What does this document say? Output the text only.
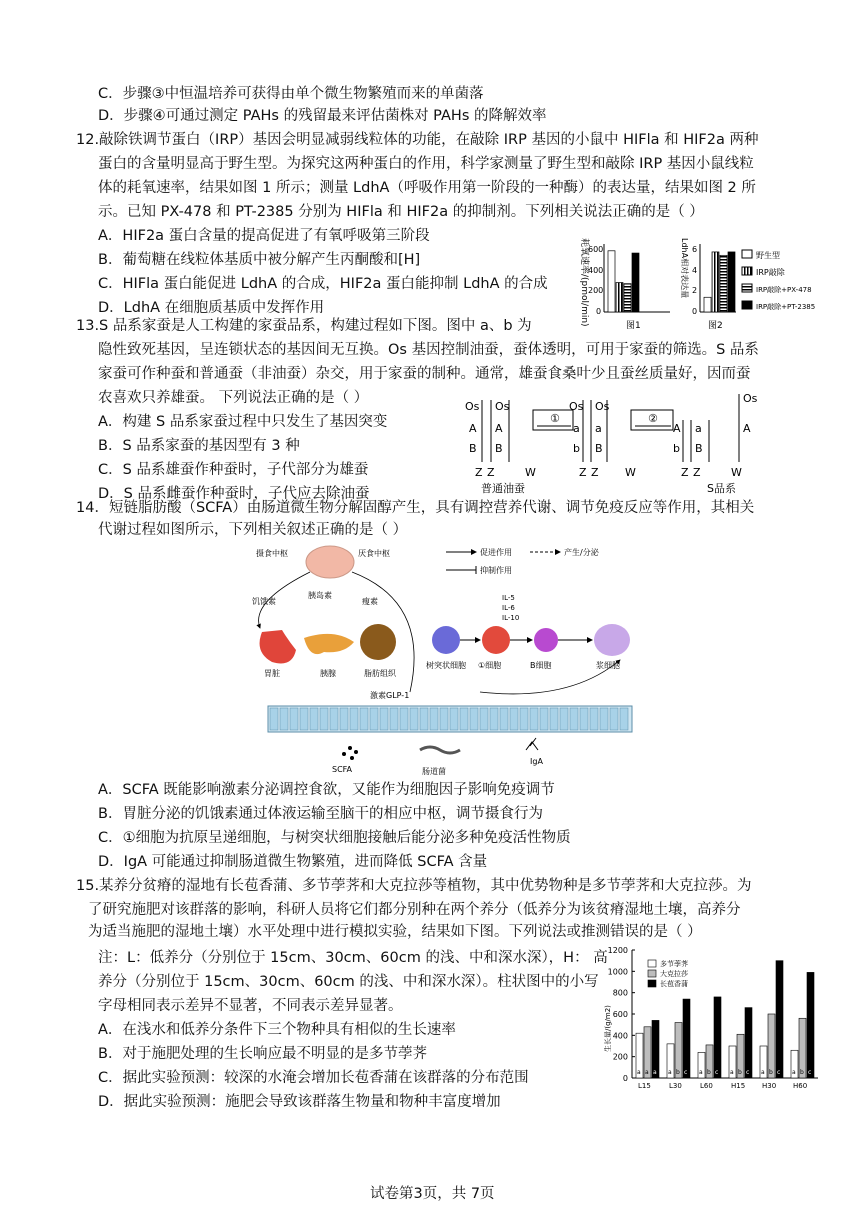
C．步骤③中恒温培养可获得由单个微生物繁殖而来的单菌落
D．步骤④可通过测定 PAHs 的残留最来评估菌株对 PAHs 的降解效率
12.敲除铁调节蛋白（IRP）基因会明显减弱线粒体的功能，在敲除 IRP 基因的小鼠中 HIFla 和 HIF2a 两种
蛋白的含量明显高于野生型。为探究这两种蛋白的作用，科学家测量了野生型和敲除 IRP 基因小鼠线粒
体的耗氧速率，结果如图 1 所示；测量 LdhA（呼吸作用第一阶段的一种酶）的表达量，结果如图 2 所
示。已知 PX-478 和 PT-2385 分别为 HIFla 和 HIF2a 的抑制剂。下列相关说法正确的是（ ）
A．HIF2a 蛋白含量的提高促进了有氧呼吸第三阶段
B．葡萄糖在线粒体基质中被分解产生丙酮酸和[H]
C．HIFla 蛋白能促进 LdhA 的合成，HIF2a 蛋白能抑制 LdhA 的合成
D．LdhA 在细胞质基质中发挥作用	耗氧速率/(pmol/min) 600
400
200
0
图1
LdhA相对表达量 6
4
2
0
图2
野生型
IRP敲除
IRP敲除+PX-478
IRP敲除+PT-2385
13.S 品系家蚕是人工构建的家蚕品系，构建过程如下图。图中 a、b 为
隐性致死基因，呈连锁状态的基因间无互换。Os 基因控制油蚕，蚕体透明，可用于家蚕的筛选。S 品系
家蚕可作种蚕和普通蚕（非油蚕）杂交，用于家蚕的制种。通常，雄蚕食桑叶少且蚕丝质量好，因而蚕
农喜欢只养雄蚕。 下列说法正确的是（ ）
A．构建 S 品系家蚕过程中只发生了基因突变
B．S 品系家蚕的基因型有 3 种
C．S 品系雄蚕作种蚕时，子代部分为雄蚕
D．S 品系雌蚕作种蚕时，子代应去除油蚕
Os Os
A A
B B
①
Os Os
a a
b B
②
A a
b B
Os
A
Z Z	W	Z Z W	Z Z	W
普通油蚕	S品系
14．短链脂肪酸（SCFA）由肠道微生物分解固醇产生，具有调控营养代谢、调节免疫反应等作用，其相关
代谢过程如图所示，下列相关叙述正确的是（ ）
摄食中枢	厌食中枢	促进作用	产生/分泌
抑制作用
饥饿素
胰岛素
瘦素
胃脏	胰腺	脂肪组织
IL-5
IL-6
IL-10
树突状细胞 ①细胞	B细胞	浆细胞
激素GLP-1
SCFA	肠道菌
IgA
A．SCFA 既能影响激素分泌调控食欲，又能作为细胞因子影响免疫调节
B．胃脏分泌的饥饿素通过体液运输至脑干的相应中枢，调节摄食行为
C．①细胞为抗原呈递细胞，与树突状细胞接触后能分泌多种免疫活性物质
D．IgA 可能通过抑制肠道微生物繁殖，进而降低 SCFA 含量
15.某养分贫瘠的湿地有长苞香蒲、多节荸荠和大克拉莎等植物，其中优势物种是多节荸荠和大克拉莎。为
了研究施肥对该群落的影响，科研人员将它们都分别种在两个养分（低养分为该贫瘠湿地土壤，高养分
为适当施肥的湿地土壤）水平处理中进行模拟实验，结果如下图。下列说法或推测错误的是（ ）
注：L：低养分（分别位于 15cm、30cm、60cm 的浅、中和深水深），H： 高
养分（分别位于 15cm、30cm、60cm 的浅、中和深水深）。柱状图中的小写
字母相同表示差异不显著，不同表示差异显著。
A．在浅水和低养分条件下三个物种具有相似的生长速率
B．对于施肥处理的生长响应最不明显的是多节荸荠
C．据此实验预测：较深的水淹会增加长苞香蒲在该群落的分布范围
D．据此实验预测：施肥会导致该群落生物量和物种丰富度增加
0
200
400
600
800
1000
1200
生长量/(g/m2)
a a a
L15
a b c
L30
a b c
L60
a b c
H15
a b c
H30
a b c
H60
多节荸荠
大克拉莎
长苞香蒲
试卷第3页，共 7页
